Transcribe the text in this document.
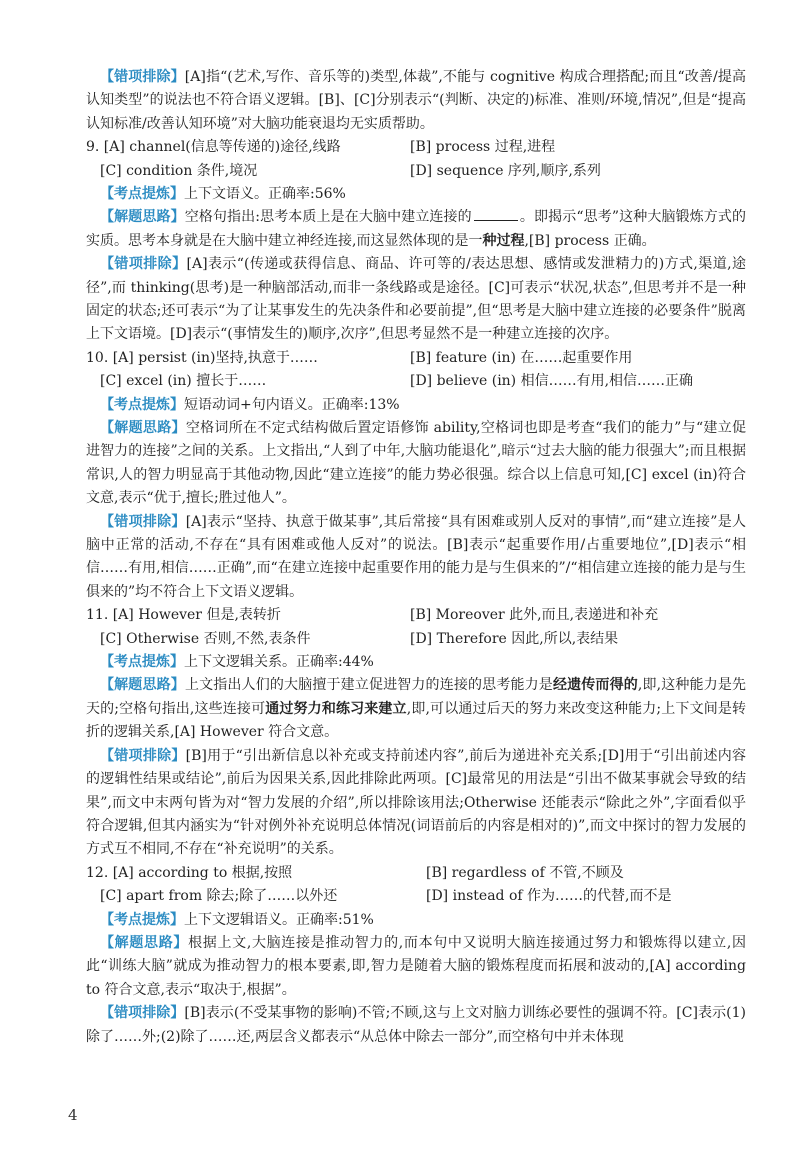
【错项排除】[A]指“(艺术,写作、音乐等的)类型,体裁”,不能与 cognitive 构成合理搭配;而且“改善/提高认知类型”的说法也不符合语义逻辑。[B]、[C]分别表示“(判断、决定的)标准、准则/环境,情况”,但是“提高认知标准/改善认知环境”对大脑功能衰退均无实质帮助。

9. [A] channel(信息等传递的)途径,线路	[B] process 过程,进程
[C] condition 条件,境况	[D] sequence 序列,顺序,系列

【考点提炼】上下文语义。正确率:56%

【解题思路】空格句指出:思考本质上是在大脑中建立连接的	。即揭示“思考”这种大脑锻炼方式的实质。思考本身就是在大脑中建立神经连接,而这显然体现的是一种过程,[B] process 正确。

【错项排除】[A]表示“(传递或获得信息、商品、许可等的/表达思想、感情或发泄精力的)方式,渠道,途径”,而 thinking(思考)是一种脑部活动,而非一条线路或是途径。[C]可表示“状况,状态”,但思考并不是一种固定的状态;还可表示“为了让某事发生的先决条件和必要前提”,但“思考是大脑中建立连接的必要条件”脱离上下文语境。[D]表示“(事情发生的)顺序,次序”,但思考显然不是一种建立连接的次序。

10. [A] persist (in)坚持,执意于……	[B] feature (in) 在……起重要作用
[C] excel (in) 擅长于……	[D] believe (in) 相信……有用,相信……正确

【考点提炼】短语动词+句内语义。正确率:13%

【解题思路】空格词所在不定式结构做后置定语修饰 ability,空格词也即是考查“我们的能力”与“建立促进智力的连接”之间的关系。上文指出,“人到了中年,大脑功能退化”,暗示“过去大脑的能力很强大”;而且根据常识,人的智力明显高于其他动物,因此“建立连接”的能力势必很强。综合以上信息可知,[C] excel (in)符合文意,表示“优于,擅长;胜过他人”。

【错项排除】[A]表示“坚持、执意于做某事”,其后常接“具有困难或别人反对的事情”,而“建立连接”是人脑中正常的活动,不存在“具有困难或他人反对”的说法。[B]表示“起重要作用/占重要地位”,[D]表示“相信……有用,相信……正确”,而“在建立连接中起重要作用的能力是与生俱来的”/“相信建立连接的能力是与生俱来的”均不符合上下文语义逻辑。

11. [A] However 但是,表转折	[B] Moreover 此外,而且,表递进和补充
[C] Otherwise 否则,不然,表条件	[D] Therefore 因此,所以,表结果

【考点提炼】上下文逻辑关系。正确率:44%

【解题思路】上文指出人们的大脑擅于建立促进智力的连接的思考能力是经遗传而得的,即,这种能力是先天的;空格句指出,这些连接可通过努力和练习来建立,即,可以通过后天的努力来改变这种能力;上下文间是转折的逻辑关系,[A] However 符合文意。

【错项排除】[B]用于“引出新信息以补充或支持前述内容”,前后为递进补充关系;[D]用于“引出前述内容的逻辑性结果或结论”,前后为因果关系,因此排除此两项。[C]最常见的用法是“引出不做某事就会导致的结果”,而文中末两句皆为对“智力发展的介绍”,所以排除该用法;Otherwise 还能表示“除此之外”,字面看似乎符合逻辑,但其内涵实为“针对例外补充说明总体情况(词语前后的内容是相对的)”,而文中探讨的智力发展的方式互不相同,不存在“补充说明”的关系。

12. [A] according to 根据,按照	[B] regardless of 不管,不顾及
[C] apart from 除去;除了……以外还	[D] instead of 作为……的代替,而不是

【考点提炼】上下文逻辑语义。正确率:51%

【解题思路】根据上文,大脑连接是推动智力的,而本句中又说明大脑连接通过努力和锻炼得以建立,因此“训练大脑”就成为推动智力的根本要素,即,智力是随着大脑的锻炼程度而拓展和波动的,[A] according to 符合文意,表示“取决于,根据”。

【错项排除】[B]表示(不受某事物的影响)不管;不顾,这与上文对脑力训练必要性的强调不符。[C]表示(1)除了……外;(2)除了……还,两层含义都表示“从总体中除去一部分”,而空格句中并未体现

4
